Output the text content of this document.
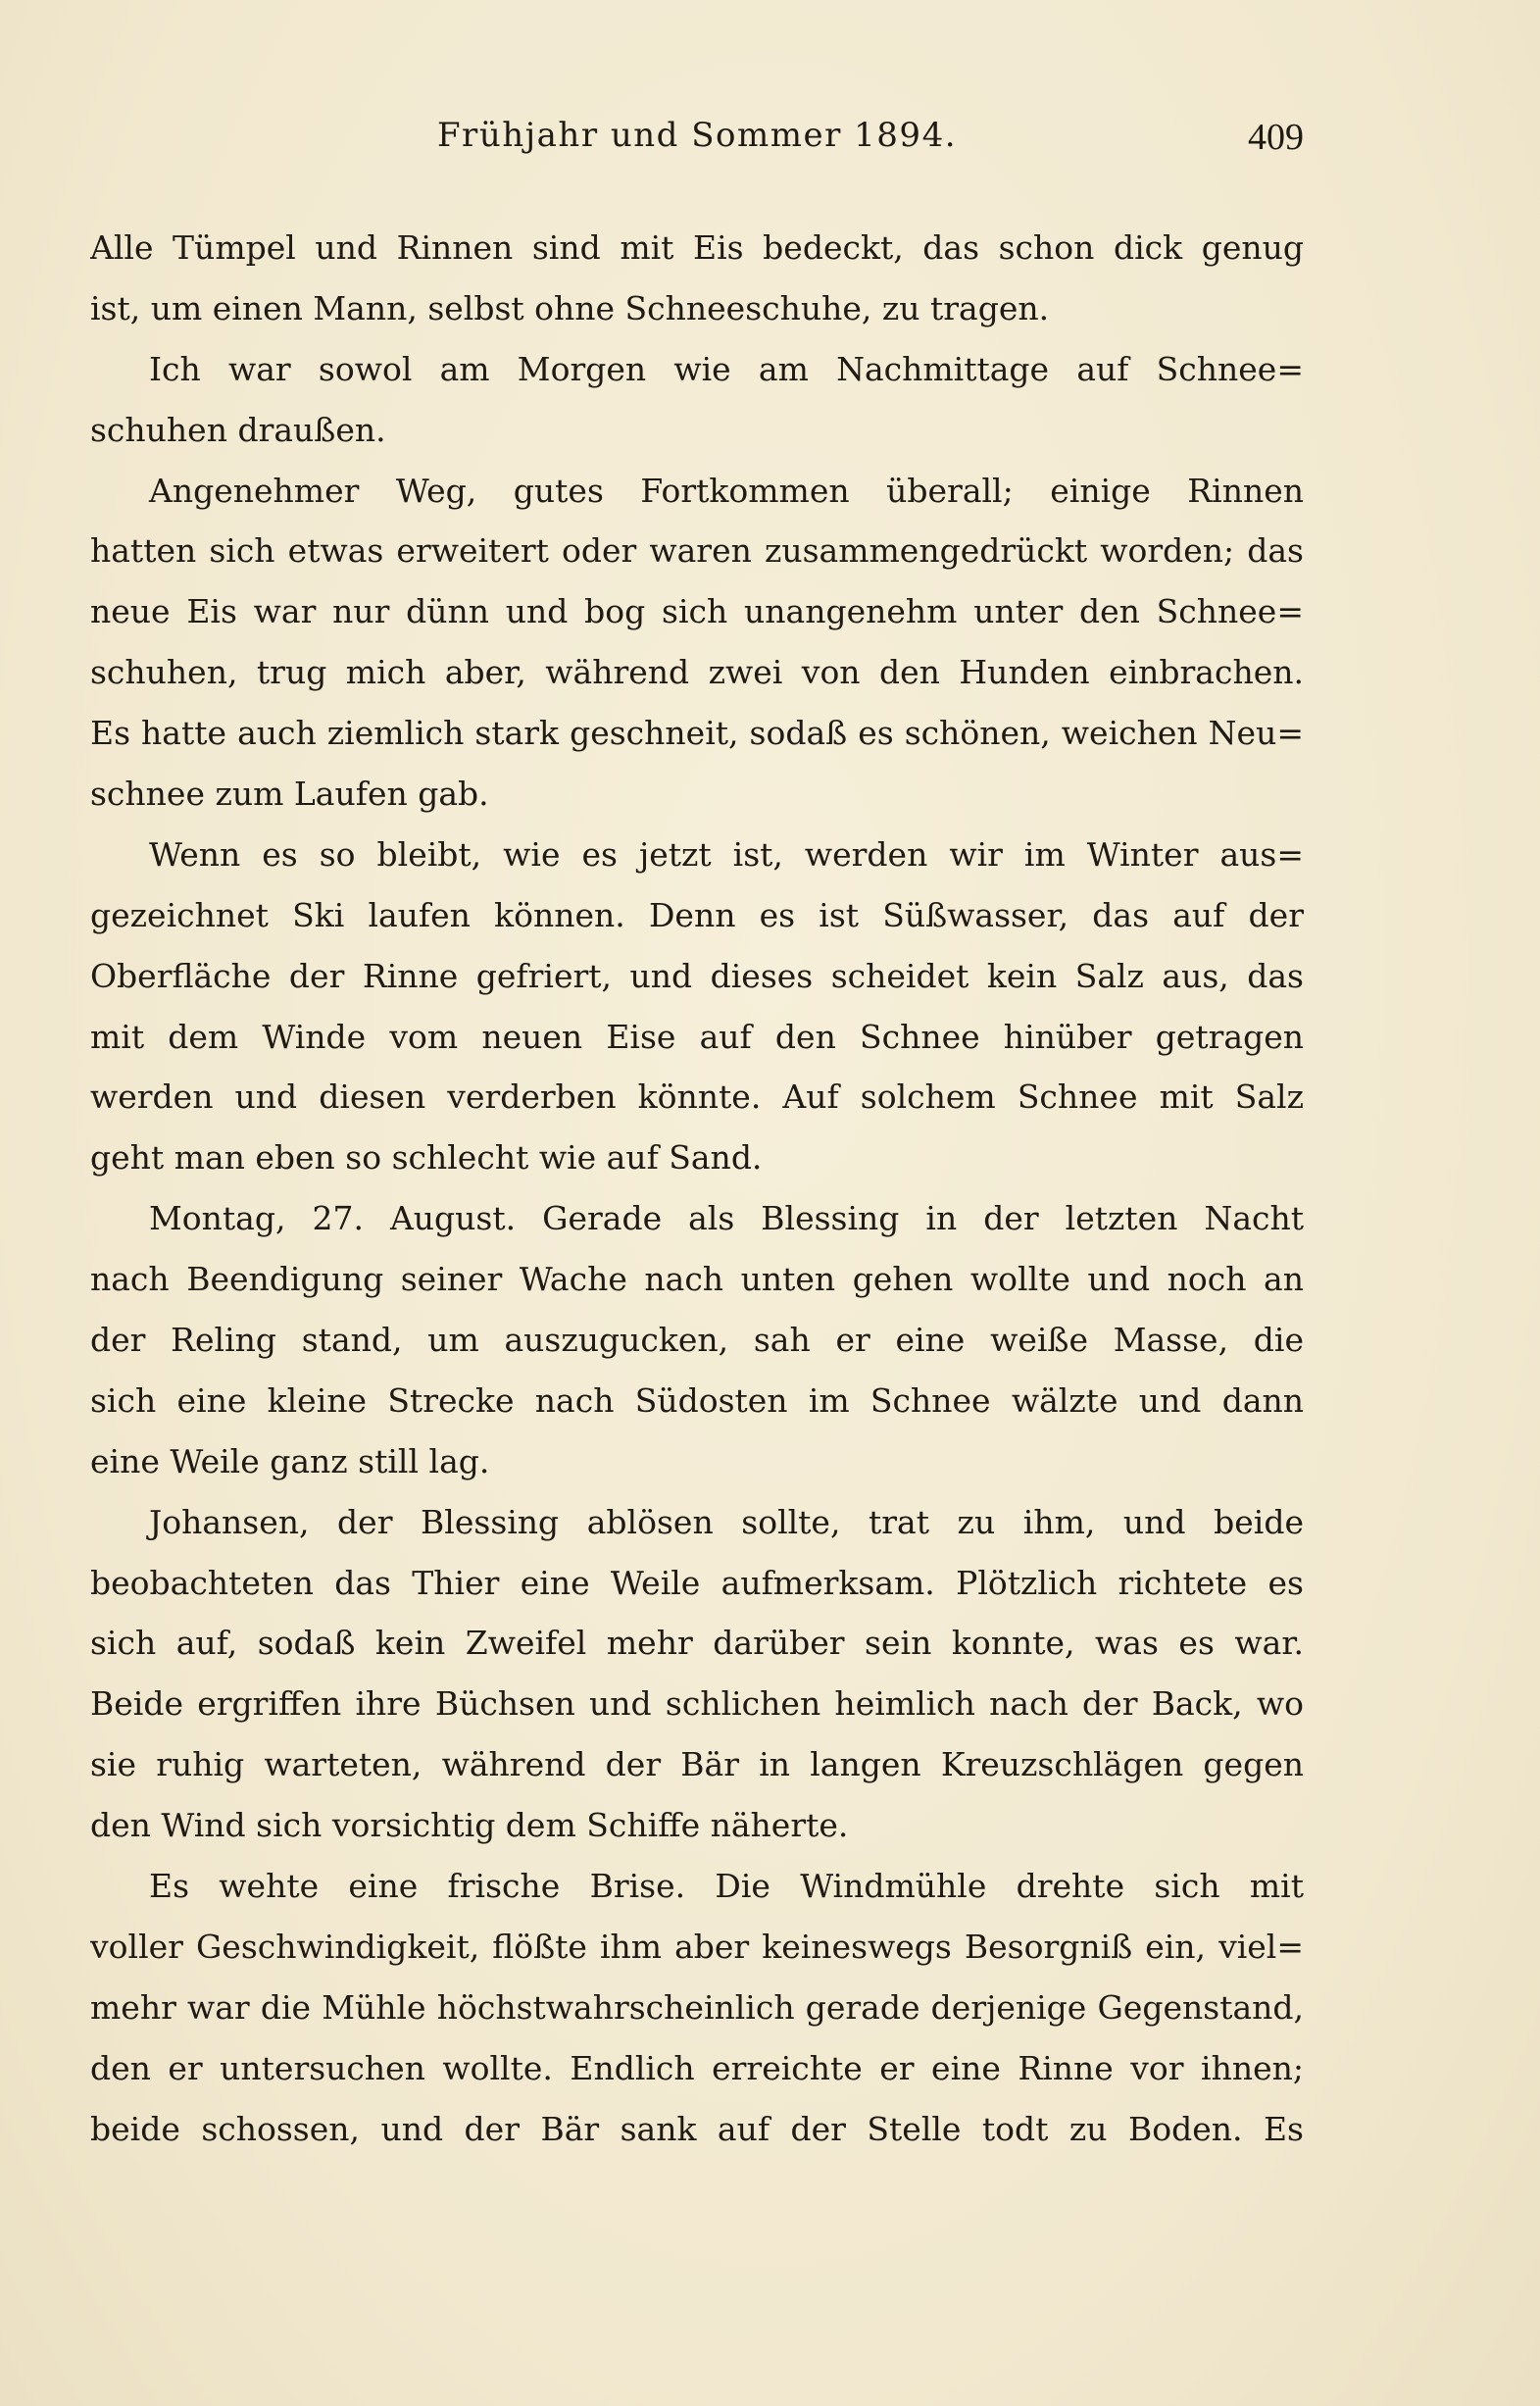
Frühjahr und Sommer 1894.	409
Alle Tümpel und Rinnen sind mit Eis bedeckt, das schon dick genug
ist, um einen Mann, selbst ohne Schneeschuhe, zu tragen.
Ich war sowol am Morgen wie am Nachmittage auf Schnee=
schuhen draußen.
Angenehmer Weg, gutes Fortkommen überall; einige Rinnen
hatten sich etwas erweitert oder waren zusammengedrückt worden; das
neue Eis war nur dünn und bog sich unangenehm unter den Schnee=
schuhen, trug mich aber, während zwei von den Hunden einbrachen.
Es hatte auch ziemlich stark geschneit, sodaß es schönen, weichen Neu=
schnee zum Laufen gab.
Wenn es so bleibt, wie es jetzt ist, werden wir im Winter aus=
gezeichnet Ski laufen können. Denn es ist Süßwasser, das auf der
Oberfläche der Rinne gefriert, und dieses scheidet kein Salz aus, das
mit dem Winde vom neuen Eise auf den Schnee hinüber getragen
werden und diesen verderben könnte. Auf solchem Schnee mit Salz
geht man eben so schlecht wie auf Sand.
Montag, 27. August. Gerade als Blessing in der letzten Nacht
nach Beendigung seiner Wache nach unten gehen wollte und noch an
der Reling stand, um auszugucken, sah er eine weiße Masse, die
sich eine kleine Strecke nach Südosten im Schnee wälzte und dann
eine Weile ganz still lag.
Johansen, der Blessing ablösen sollte, trat zu ihm, und beide
beobachteten das Thier eine Weile aufmerksam. Plötzlich richtete es
sich auf, sodaß kein Zweifel mehr darüber sein konnte, was es war.
Beide ergriffen ihre Büchsen und schlichen heimlich nach der Back, wo
sie ruhig warteten, während der Bär in langen Kreuzschlägen gegen
den Wind sich vorsichtig dem Schiffe näherte.
Es wehte eine frische Brise. Die Windmühle drehte sich mit
voller Geschwindigkeit, flößte ihm aber keineswegs Besorgniß ein, viel=
mehr war die Mühle höchstwahrscheinlich gerade derjenige Gegenstand,
den er untersuchen wollte. Endlich erreichte er eine Rinne vor ihnen;
beide schossen, und der Bär sank auf der Stelle todt zu Boden. Es
